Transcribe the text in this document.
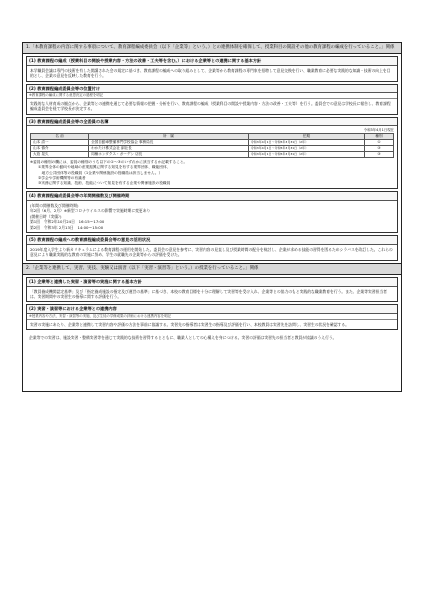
1.「本教育課程の内容に関する事項について、教育課程編成委員会（以下「企業等」という。）との連携体制を確保して、授業科目の開設その他の教育課程の編成を行っていること。」関係
(1) 教育課程の編成（授業科目の開設や授業内容・方法の改善・工夫等を含む。）における企業等との連携に関する基本方針

本学職員会議は専門の技術を有した開講された会の規定に基づき、教育課程の編成への取り組みとして、企業等から教育課程の専門家を招聘して意見交換を行い、職業教育に必要な実践的な知識・技術の向上を目的とし、企業の意見を反映した教育を行う。

(2) 教育課程編成委員会等の位置付け
※教育課程の編成に関する意思決定の過程を明記

実践的な人材育成の観点から、企業等との連携を通じて必要な情報の把握・分析を行い、教育課程の編成（授業科目の開設や授業内容・方法の改善・工夫等）を行う。委員会での意見は学校長に報告し、教育課程編成委員会を経て学校長が決定する。

(3) 教育課程編成委員会等の全委員の名簿
令和3年4月1日現在
名 前	所　属	任期	種別
山本 清一	全国自動車整備専門学校協会 事務局長	令和3年4月1日〜令和5年3月31日（2年）	①
山本 慎介	わかたけ株式会社 副社長	令和3年4月1日〜令和5年3月31日（2年）	③
大島 晃久	同種ホンダクス・ガーデン 店長	令和3年4月1日〜令和5年3月31日（2年）	③
※委員の種別の欄には、委員の種別のうち以下の①〜③のいずれかに該当するか記載すること。
①業界全体の動向や地域の産業振興に関する知見を有する業界団体、職能団体、
　地方公共団体等の役職員（1企業や関係施設の役職員は該当しません。）
②学会や学術機関等の有識者
③実務に関する知識、技術、技能について知見を有する企業や関係施設の役職員
(4) 教育課程編成委員会等の年間開催数及び開催時期
(年間の開催数及び開催時期)
年2回（6月、2月）※新型コロナウイルスの影響で実施時期に変更あり
(開催日時（実績）)
第1回　令和2年10月24日　16:15〜17:00
第2回　令和3年 2月13日　14:00〜15:00
(5) 教育課程の編成への教育課程編成委員会等の意見の活用状況

2019年度入学生より新カリキュラムによる教育課程の運用を開始した。委員会の意見を参考に、実習内容の見直し及び授業時間の配分を検討し、企業が求める技能の習得を図るためシラバスを改訂した。これらの意見により職業実践的な教育の実施に努め、学生の就職先の企業等からの評価を受けた。

2.「企業等と連携して、実習、実技、実験又は演習（以下「実習・演習等」という。）の授業を行っていること。」関係
(1) 企業等と連携した実習・演習等の実施に関する基本方針

「教員養成機関認定基準」及び「指定養成施設の指定及び運営の基準」に基づき、本校の教育目標を十分に理解して実習等を受け入れ、企業等との協力のもと実践的な職業教育を行う。また、企業等実習担当者は、実習期間中の実習生の指導に関する評価を行う。

(2) 実習・演習等における企業等との連携内容
※授業内容や方法、実習・演習等の実施、及び生徒の学修成果の評価における連携内容を明記

実習の実施にあたり、企業等と連携して実習内容や評価の方法を事前に協議する。実習先の指導者は実習生の指導及び評価を行い、本校教員は実習先を訪問し、実習生の状況を確認する。

企業等での実習は、施設実習・整備実習等を通じて実践的な技術を習得するとともに、職業人としての心構えを身につける。実習の評価は実習先の担当者と教員が協議のうえ行う。
